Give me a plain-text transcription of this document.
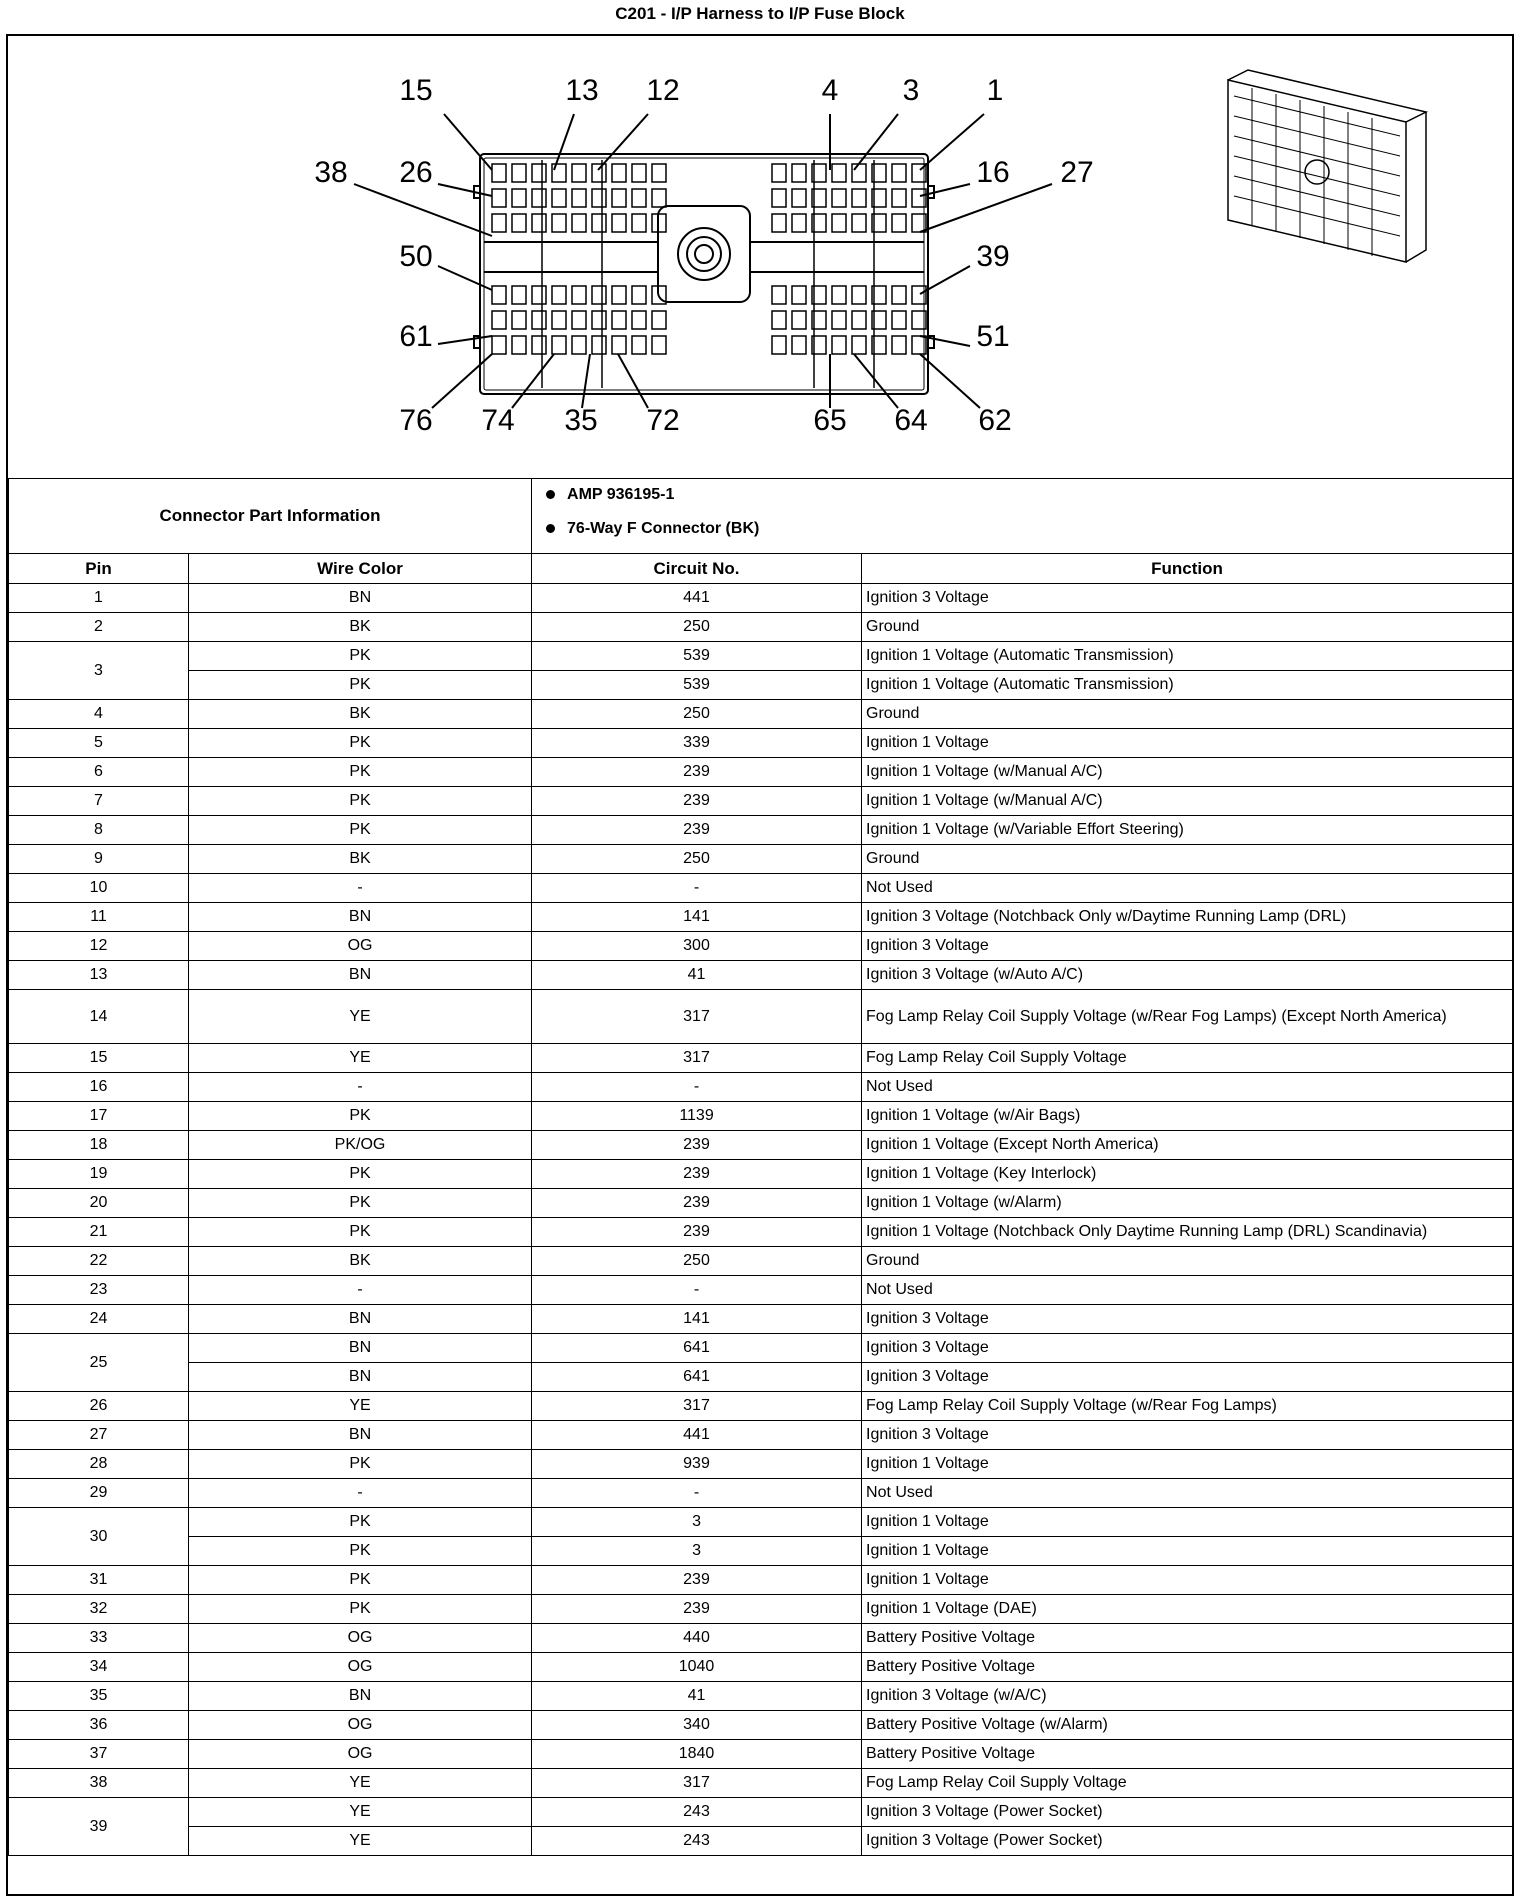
C201 - I/P Harness to I/P Fuse Block
15	13 12	4 3 1
38 26	16 27
50	39
61	51
76 74 35 72	65 64 62
Connector Part Information		AMP 936195-1
76-Way F Connector (BK)	

Pin	Wire Color	Circuit No.	Function
1	BN	441	Ignition 3 Voltage
2	BK	250	Ground
3	PK	539	Ignition 1 Voltage (Automatic Transmission)
	PK	539	Ignition 1 Voltage (Automatic Transmission)
4	BK	250	Ground
5	PK	339	Ignition 1 Voltage
6	PK	239	Ignition 1 Voltage (w/Manual A/C)
7	PK	239	Ignition 1 Voltage (w/Manual A/C)
8	PK	239	Ignition 1 Voltage (w/Variable Effort Steering)
9	BK	250	Ground
10	-	-	Not Used
11	BN	141	Ignition 3 Voltage (Notchback Only w/Daytime Running Lamp (DRL)
12	OG	300	Ignition 3 Voltage
13	BN	41	Ignition 3 Voltage (w/Auto A/C)
14	YE	317	Fog Lamp Relay Coil Supply Voltage (w/Rear Fog Lamps) (Except North America)
15	YE	317	Fog Lamp Relay Coil Supply Voltage
16	-	-	Not Used
17	PK	1139	Ignition 1 Voltage (w/Air Bags)
18	PK/OG	239	Ignition 1 Voltage (Except North America)
19	PK	239	Ignition 1 Voltage (Key Interlock)
20	PK	239	Ignition 1 Voltage (w/Alarm)
21	PK	239	Ignition 1 Voltage (Notchback Only Daytime Running Lamp (DRL) Scandinavia)
22	BK	250	Ground
23	-	-	Not Used
24	BN	141	Ignition 3 Voltage
25	BN	641	Ignition 3 Voltage
	BN	641	Ignition 3 Voltage
26	YE	317	Fog Lamp Relay Coil Supply Voltage (w/Rear Fog Lamps)
27	BN	441	Ignition 3 Voltage
28	PK	939	Ignition 1 Voltage
29	-	-	Not Used
30	PK	3	Ignition 1 Voltage
	PK	3	Ignition 1 Voltage
31	PK	239	Ignition 1 Voltage
32	PK	239	Ignition 1 Voltage (DAE)
33	OG	440	Battery Positive Voltage
34	OG	1040	Battery Positive Voltage
35	BN	41	Ignition 3 Voltage (w/A/C)
36	OG	340	Battery Positive Voltage (w/Alarm)
37	OG	1840	Battery Positive Voltage
38	YE	317	Fog Lamp Relay Coil Supply Voltage
39	YE	243	Ignition 3 Voltage (Power Socket)
	YE	243	Ignition 3 Voltage (Power Socket)
